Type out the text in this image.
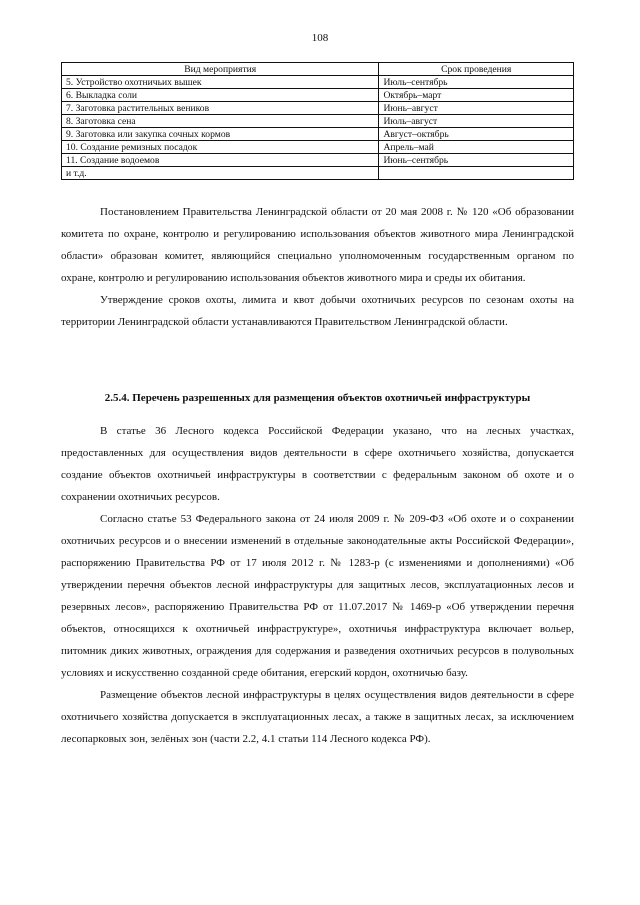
108
Вид мероприятия	Срок проведения
5. Устройство охотничьих вышек	Июль–сентябрь
6. Выкладка соли	Октябрь–март
7. Заготовка растительных веников	Июнь–август
8. Заготовка сена	Июль–август
9. Заготовка или закупка сочных кормов	Август–октябрь
10. Создание ремизных посадок	Апрель–май
11. Создание водоемов	Июнь–сентябрь
и т.д.	

Постановлением Правительства Ленинградской области от 20 мая 2008 г. № 120 «Об образовании комитета по охране, контролю и регулированию использования объектов животного мира Ленинградской области» образован комитет, являющийся специально уполномоченным государственным органом по охране, контролю и регулированию использования объектов животного мира и среды их обитания.

Утверждение сроков охоты, лимита и квот добычи охотничьих ресурсов по сезонам охоты на территории Ленинградской области устанавливаются Правительством Ленинградской области.

2.5.4. Перечень разрешенных для размещения объектов охотничьей инфраструктуры

В статье 36 Лесного кодекса Российской Федерации указано, что на лесных участках, предоставленных для осуществления видов деятельности в сфере охотничьего хозяйства, допускается создание объектов охотничьей инфраструктуры в соответствии с федеральным законом об охоте и о сохранении охотничьих ресурсов.

Согласно статье 53 Федерального закона от 24 июля 2009 г. № 209-ФЗ «Об охоте и о сохранении охотничьих ресурсов и о внесении изменений в отдельные законодательные акты Российской Федерации», распоряжению Правительства РФ от 17 июля 2012 г. № 1283-р (с изменениями и дополнениями) «Об утверждении перечня объектов лесной инфраструктуры для защитных лесов, эксплуатационных лесов и резервных лесов», распоряжению Правительства РФ от 11.07.2017 № 1469-р «Об утверждении перечня объектов, относящихся к охотничьей инфраструктуре», охотничья инфраструктура включает вольер, питомник диких животных, ограждения для содержания и разведения охотничьих ресурсов в полувольных условиях и искусственно созданной среде обитания, егерский кордон, охотничью базу.

Размещение объектов лесной инфраструктуры в целях осуществления видов деятельности в сфере охотничьего хозяйства допускается в эксплуатационных лесах, а также в защитных лесах, за исключением лесопарковых зон, зелёных зон (части 2.2, 4.1 статьи 114 Лесного кодекса РФ).
